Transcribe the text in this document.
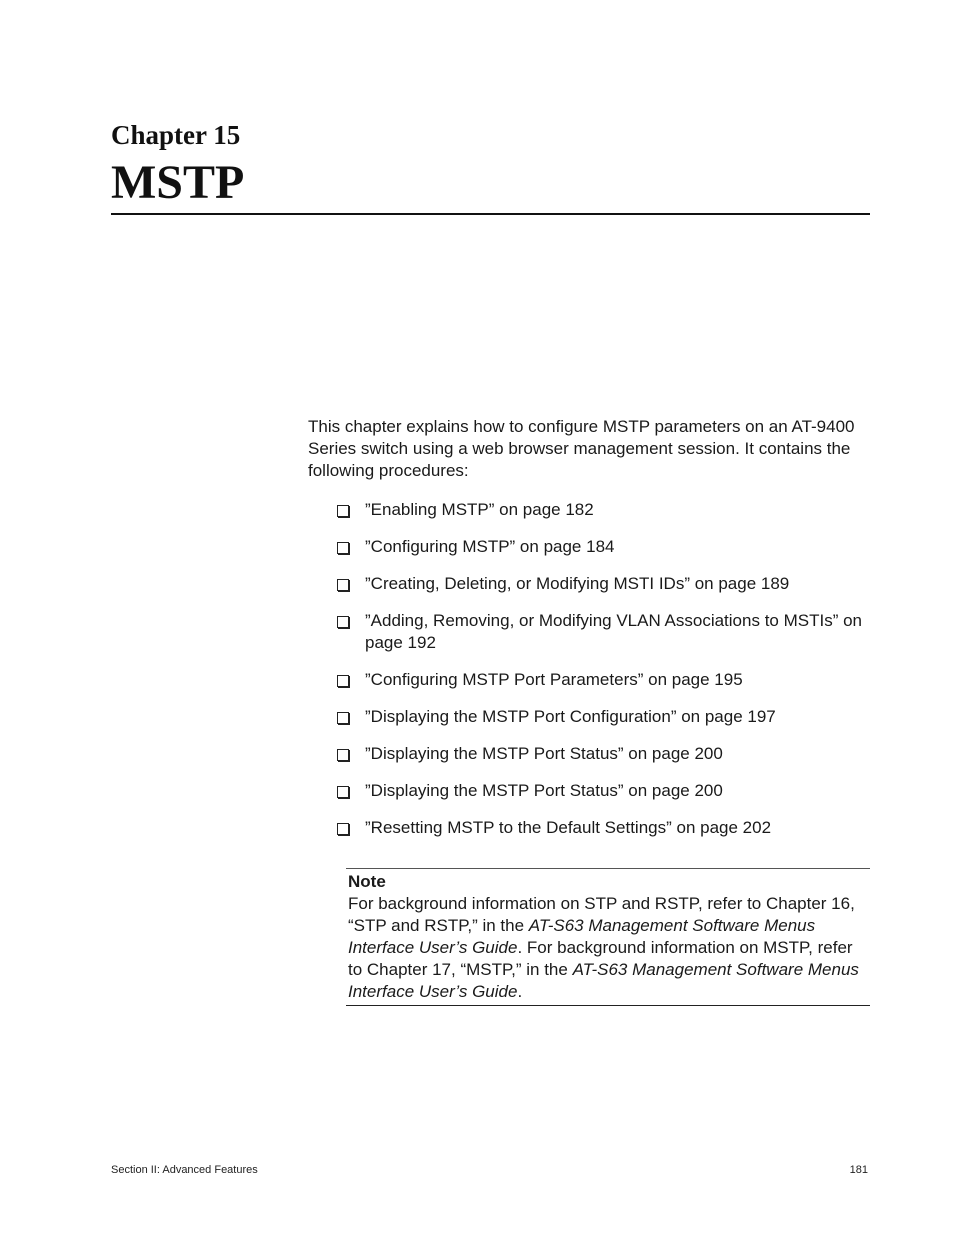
Chapter 15
MSTP

This chapter explains how to configure MSTP parameters on an AT-9400 Series switch using a web browser management session. It contains the following procedures:

”Enabling MSTP” on page 182
”Configuring MSTP” on page 184
”Creating, Deleting, or Modifying MSTI IDs” on page 189
”Adding, Removing, or Modifying VLAN Associations to MSTIs” on page 192
”Configuring MSTP Port Parameters” on page 195
”Displaying the MSTP Port Configuration” on page 197
”Displaying the MSTP Port Status” on page 200
”Displaying the MSTP Port Status” on page 200
”Resetting MSTP to the Default Settings” on page 202
Note

For background information on STP and RSTP, refer to Chapter 16, “STP and RSTP,” in the AT-S63 Management Software Menus Interface User’s Guide. For background information on MSTP, refer to Chapter 17, “MSTP,” in the AT-S63 Management Software Menus Interface User’s Guide.

Section II: Advanced Features	181
